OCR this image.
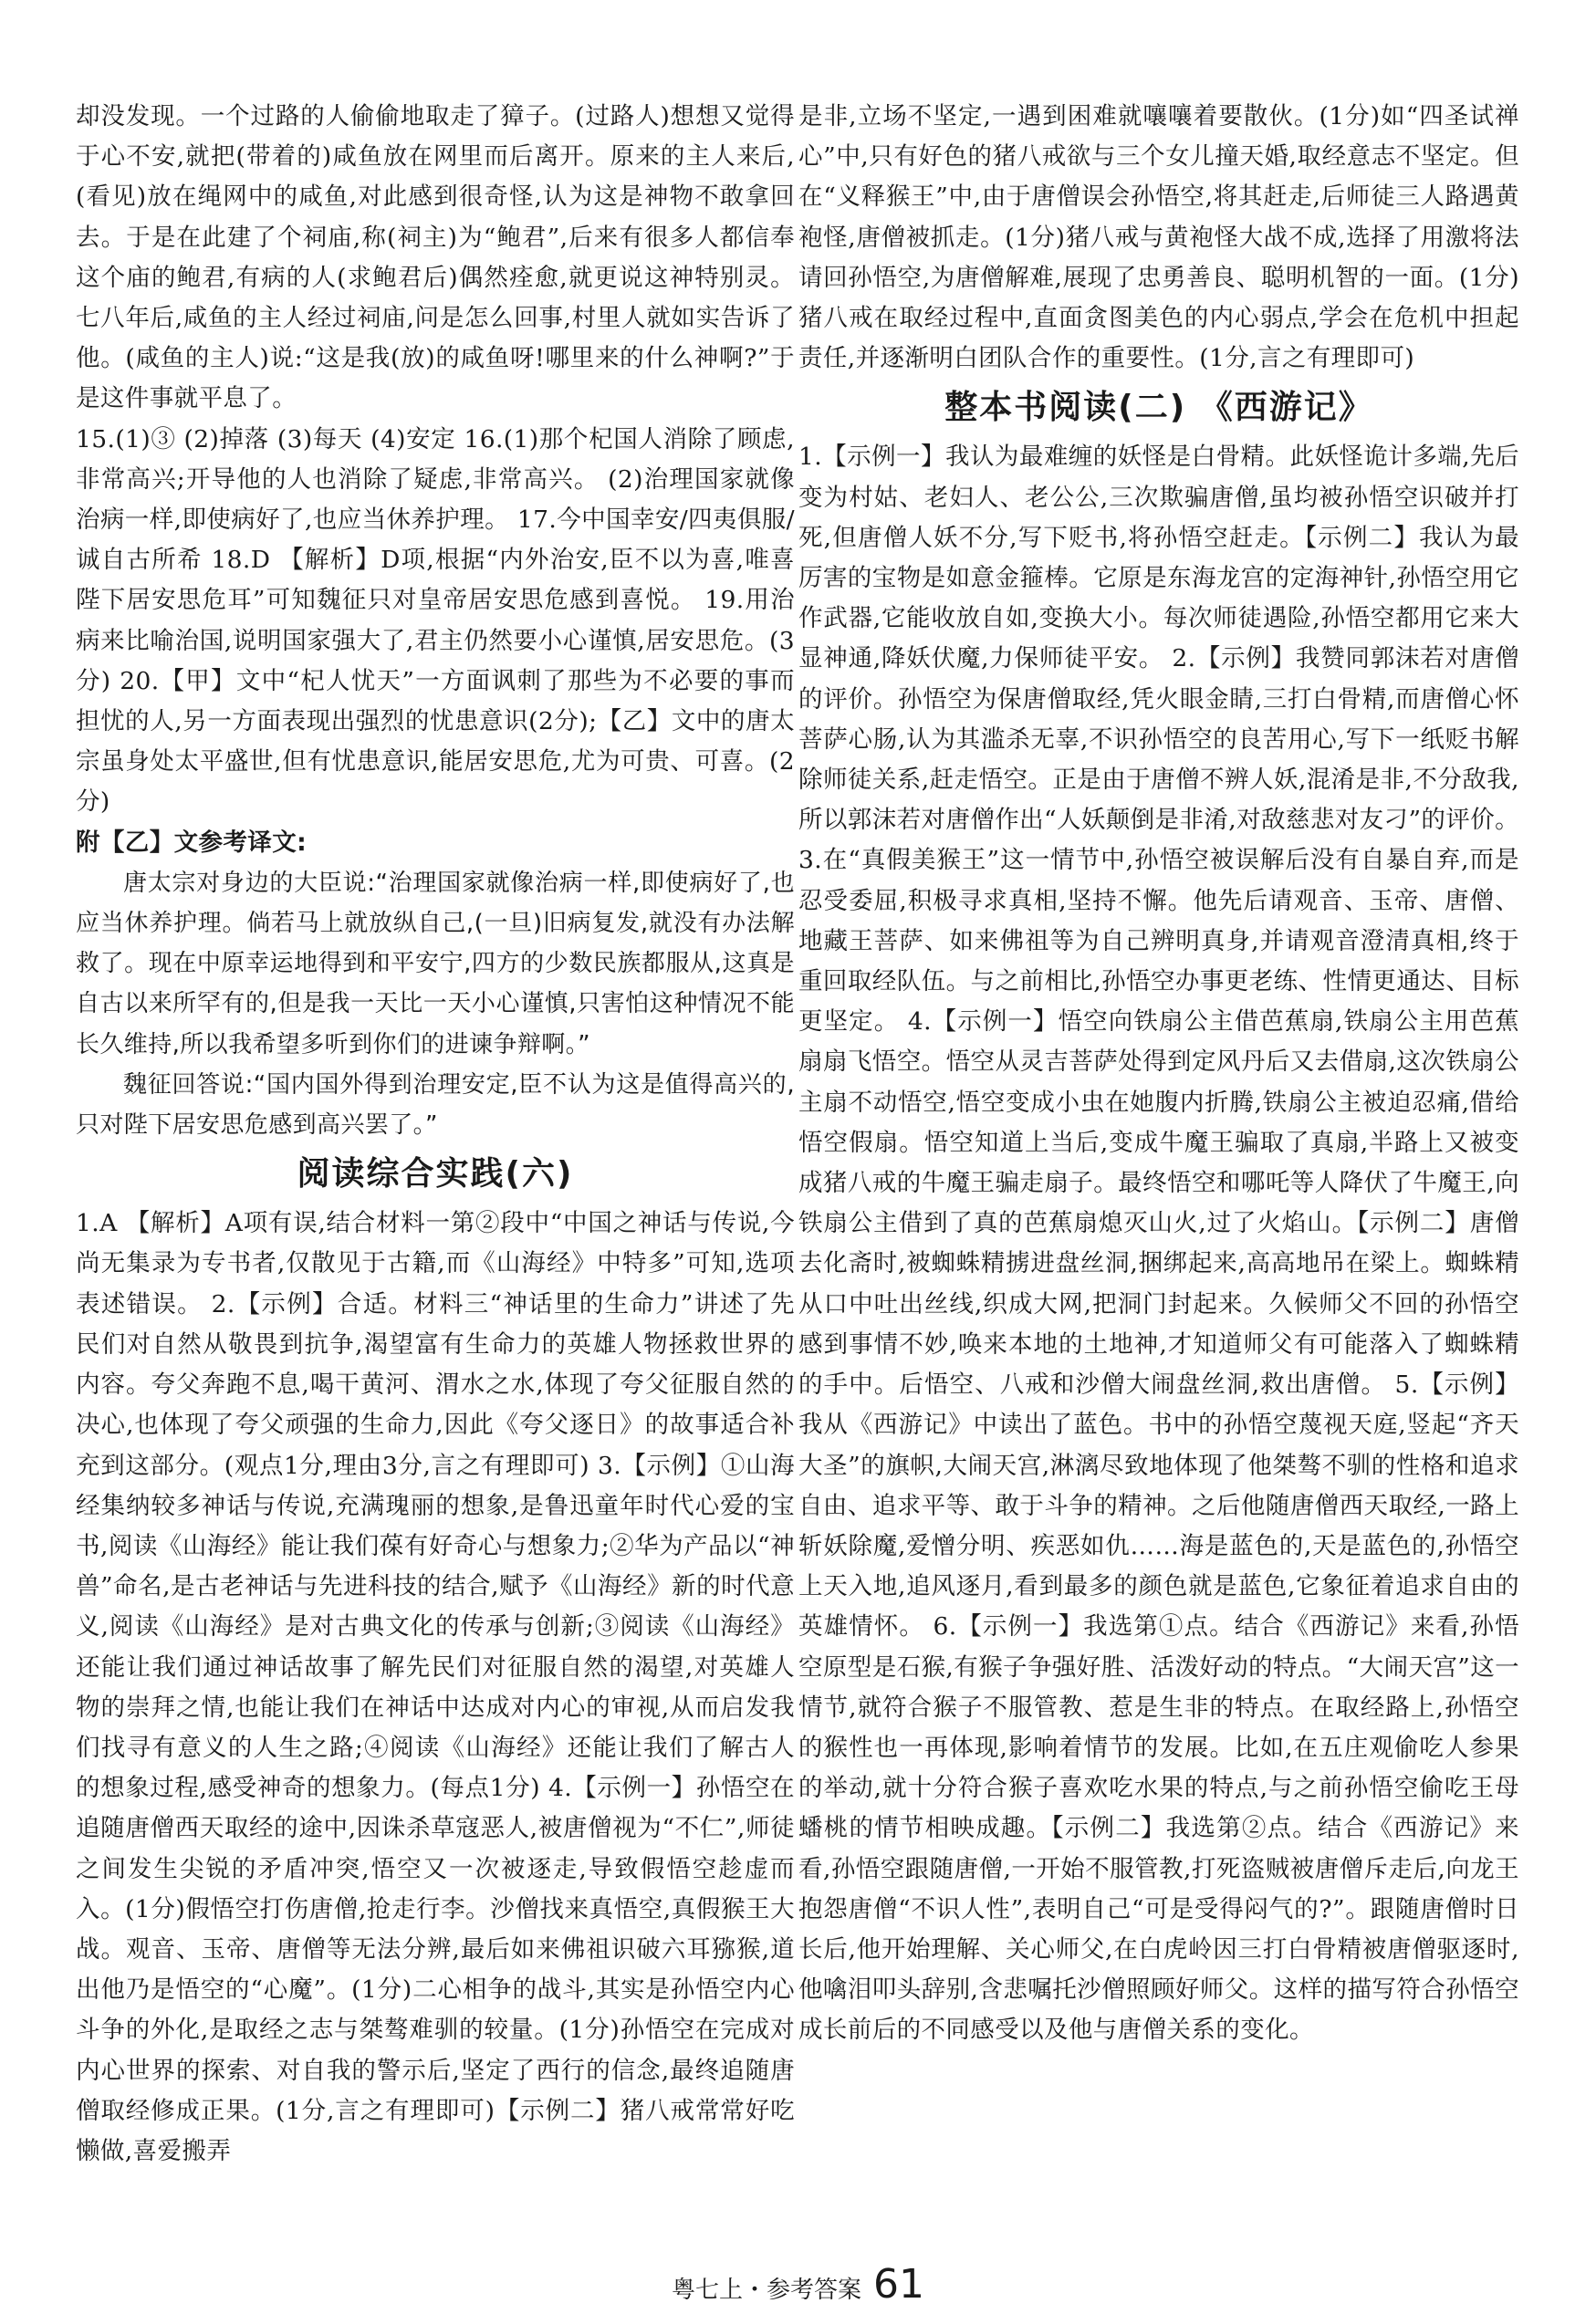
却没发现。一个过路的人偷偷地取走了獐子。(过路人)想想又觉得于心不安,就把(带着的)咸鱼放在网里而后离开。原来的主人来后,(看见)放在绳网中的咸鱼,对此感到很奇怪,认为这是神物不敢拿回去。于是在此建了个祠庙,称(祠主)为“鲍君”,后来有很多人都信奉这个庙的鲍君,有病的人(求鲍君后)偶然痊愈,就更说这神特别灵。七八年后,咸鱼的主人经过祠庙,问是怎么回事,村里人就如实告诉了他。(咸鱼的主人)说:“这是我(放)的咸鱼呀!哪里来的什么神啊?”于是这件事就平息了。

15.(1)③ (2)掉落 (3)每天 (4)安定 16.(1)那个杞国人消除了顾虑,非常高兴;开导他的人也消除了疑虑,非常高兴。 (2)治理国家就像治病一样,即使病好了,也应当休养护理。 17.今中国幸安/四夷俱服/诚自古所希 18.D 【解析】D项,根据“内外治安,臣不以为喜,唯喜陛下居安思危耳”可知魏征只对皇帝居安思危感到喜悦。 19.用治病来比喻治国,说明国家强大了,君主仍然要小心谨慎,居安思危。(3分) 20.【甲】文中“杞人忧天”一方面讽刺了那些为不必要的事而担忧的人,另一方面表现出强烈的忧患意识(2分);【乙】文中的唐太宗虽身处太平盛世,但有忧患意识,能居安思危,尤为可贵、可喜。(2分)

附【乙】文参考译文:

唐太宗对身边的大臣说:“治理国家就像治病一样,即使病好了,也应当休养护理。倘若马上就放纵自己,(一旦)旧病复发,就没有办法解救了。现在中原幸运地得到和平安宁,四方的少数民族都服从,这真是自古以来所罕有的,但是我一天比一天小心谨慎,只害怕这种情况不能长久维持,所以我希望多听到你们的进谏争辩啊。”

魏征回答说:“国内国外得到治理安定,臣不认为这是值得高兴的,只对陛下居安思危感到高兴罢了。”

阅读综合实践(六)

1.A 【解析】A项有误,结合材料一第②段中“中国之神话与传说,今尚无集录为专书者,仅散见于古籍,而《山海经》中特多”可知,选项表述错误。 2.【示例】合适。材料三“神话里的生命力”讲述了先民们对自然从敬畏到抗争,渴望富有生命力的英雄人物拯救世界的内容。夸父奔跑不息,喝干黄河、渭水之水,体现了夸父征服自然的决心,也体现了夸父顽强的生命力,因此《夸父逐日》的故事适合补充到这部分。(观点1分,理由3分,言之有理即可) 3.【示例】①山海经集纳较多神话与传说,充满瑰丽的想象,是鲁迅童年时代心爱的宝书,阅读《山海经》能让我们葆有好奇心与想象力;②华为产品以“神兽”命名,是古老神话与先进科技的结合,赋予《山海经》新的时代意义,阅读《山海经》是对古典文化的传承与创新;③阅读《山海经》还能让我们通过神话故事了解先民们对征服自然的渴望,对英雄人物的崇拜之情,也能让我们在神话中达成对内心的审视,从而启发我们找寻有意义的人生之路;④阅读《山海经》还能让我们了解古人的想象过程,感受神奇的想象力。(每点1分) 4.【示例一】孙悟空在追随唐僧西天取经的途中,因诛杀草寇恶人,被唐僧视为“不仁”,师徒之间发生尖锐的矛盾冲突,悟空又一次被逐走,导致假悟空趁虚而入。(1分)假悟空打伤唐僧,抢走行李。沙僧找来真悟空,真假猴王大战。观音、玉帝、唐僧等无法分辨,最后如来佛祖识破六耳猕猴,道出他乃是悟空的“心魔”。(1分)二心相争的战斗,其实是孙悟空内心斗争的外化,是取经之志与桀骜难驯的较量。(1分)孙悟空在完成对内心世界的探索、对自我的警示后,坚定了西行的信念,最终追随唐僧取经修成正果。(1分,言之有理即可)【示例二】猪八戒常常好吃懒做,喜爱搬弄

是非,立场不坚定,一遇到困难就嚷嚷着要散伙。(1分)如“四圣试禅心”中,只有好色的猪八戒欲与三个女儿撞天婚,取经意志不坚定。但在“义释猴王”中,由于唐僧误会孙悟空,将其赶走,后师徒三人路遇黄袍怪,唐僧被抓走。(1分)猪八戒与黄袍怪大战不成,选择了用激将法请回孙悟空,为唐僧解难,展现了忠勇善良、聪明机智的一面。(1分)猪八戒在取经过程中,直面贪图美色的内心弱点,学会在危机中担起责任,并逐渐明白团队合作的重要性。(1分,言之有理即可)

整本书阅读(二) 《西游记》

1.【示例一】我认为最难缠的妖怪是白骨精。此妖怪诡计多端,先后变为村姑、老妇人、老公公,三次欺骗唐僧,虽均被孙悟空识破并打死,但唐僧人妖不分,写下贬书,将孙悟空赶走。【示例二】我认为最厉害的宝物是如意金箍棒。它原是东海龙宫的定海神针,孙悟空用它作武器,它能收放自如,变换大小。每次师徒遇险,孙悟空都用它来大显神通,降妖伏魔,力保师徒平安。 2.【示例】我赞同郭沫若对唐僧的评价。孙悟空为保唐僧取经,凭火眼金睛,三打白骨精,而唐僧心怀菩萨心肠,认为其滥杀无辜,不识孙悟空的良苦用心,写下一纸贬书解除师徒关系,赶走悟空。正是由于唐僧不辨人妖,混淆是非,不分敌我,所以郭沫若对唐僧作出“人妖颠倒是非淆,对敌慈悲对友刁”的评价。 3.在“真假美猴王”这一情节中,孙悟空被误解后没有自暴自弃,而是忍受委屈,积极寻求真相,坚持不懈。他先后请观音、玉帝、唐僧、地藏王菩萨、如来佛祖等为自己辨明真身,并请观音澄清真相,终于重回取经队伍。与之前相比,孙悟空办事更老练、性情更通达、目标更坚定。 4.【示例一】悟空向铁扇公主借芭蕉扇,铁扇公主用芭蕉扇扇飞悟空。悟空从灵吉菩萨处得到定风丹后又去借扇,这次铁扇公主扇不动悟空,悟空变成小虫在她腹内折腾,铁扇公主被迫忍痛,借给悟空假扇。悟空知道上当后,变成牛魔王骗取了真扇,半路上又被变成猪八戒的牛魔王骗走扇子。最终悟空和哪吒等人降伏了牛魔王,向铁扇公主借到了真的芭蕉扇熄灭山火,过了火焰山。【示例二】唐僧去化斋时,被蜘蛛精掳进盘丝洞,捆绑起来,高高地吊在梁上。蜘蛛精从口中吐出丝线,织成大网,把洞门封起来。久候师父不回的孙悟空感到事情不妙,唤来本地的土地神,才知道师父有可能落入了蜘蛛精的手中。后悟空、八戒和沙僧大闹盘丝洞,救出唐僧。 5.【示例】我从《西游记》中读出了蓝色。书中的孙悟空蔑视天庭,竖起“齐天大圣”的旗帜,大闹天宫,淋漓尽致地体现了他桀骜不驯的性格和追求自由、追求平等、敢于斗争的精神。之后他随唐僧西天取经,一路上斩妖除魔,爱憎分明、疾恶如仇……海是蓝色的,天是蓝色的,孙悟空上天入地,追风逐月,看到最多的颜色就是蓝色,它象征着追求自由的英雄情怀。 6.【示例一】我选第①点。结合《西游记》来看,孙悟空原型是石猴,有猴子争强好胜、活泼好动的特点。“大闹天宫”这一情节,就符合猴子不服管教、惹是生非的特点。在取经路上,孙悟空的猴性也一再体现,影响着情节的发展。比如,在五庄观偷吃人参果的举动,就十分符合猴子喜欢吃水果的特点,与之前孙悟空偷吃王母蟠桃的情节相映成趣。【示例二】我选第②点。结合《西游记》来看,孙悟空跟随唐僧,一开始不服管教,打死盗贼被唐僧斥走后,向龙王抱怨唐僧“不识人性”,表明自己“可是受得闷气的?”。跟随唐僧时日长后,他开始理解、关心师父,在白虎岭因三打白骨精被唐僧驱逐时,他噙泪叩头辞别,含悲嘱托沙僧照顾好师父。这样的描写符合孙悟空成长前后的不同感受以及他与唐僧关系的变化。

粤七上・参考答案 61
